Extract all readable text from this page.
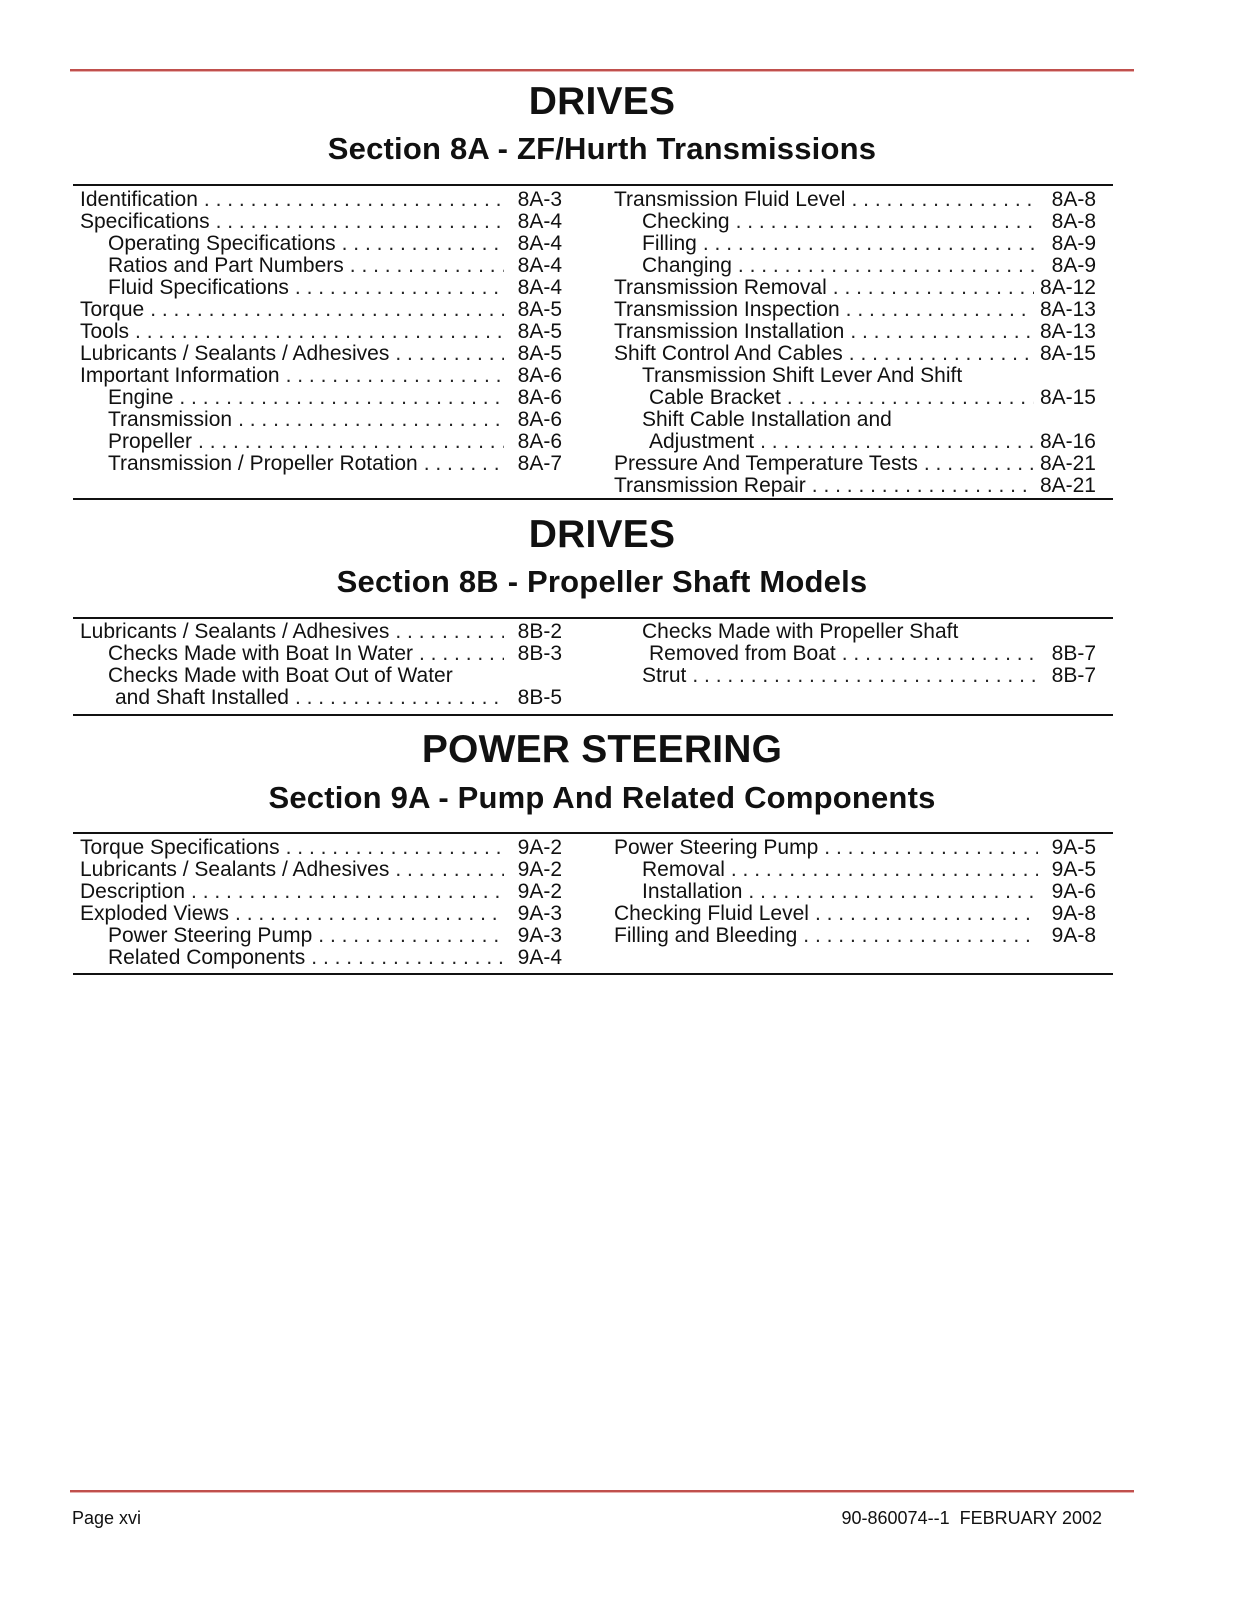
DRIVES
Section 8A - ZF/Hurth Transmissions
Identification . . .	8A-3
Specifications . . .	8A-4
Operating Specifications . . .	8A-4
Ratios and Part Numbers . . .	8A-4
Fluid Specifications . . .	8A-4
Torque . . .	8A-5
Tools . . .	8A-5
Lubricants / Sealants / Adhesives . . .	8A-5
Important Information . . .	8A-6
Engine . . .	8A-6
Transmission . . .	8A-6
Propeller . . .	8A-6
Transmission / Propeller Rotation . . .	8A-7
Transmission Fluid Level . . .	8A-8
Checking . . .	8A-8
Filling . . .	8A-9
Changing . . .	8A-9
Transmission Removal . . .	8A-12
Transmission Inspection . . .	8A-13
Transmission Installation . . .	8A-13
Shift Control And Cables . . .	8A-15
Transmission Shift Lever And Shift
Cable Bracket . . .	8A-15
Shift Cable Installation and
Adjustment . . .	8A-16
Pressure And Temperature Tests . . .	8A-21
Transmission Repair . . .	8A-21
DRIVES
Section 8B - Propeller Shaft Models
Lubricants / Sealants / Adhesives . . .	8B-2
Checks Made with Boat In Water . . .	8B-3
Checks Made with Boat Out of Water
and Shaft Installed . . .	8B-5
Checks Made with Propeller Shaft
Removed from Boat . . .	8B-7
Strut . . .	8B-7
POWER STEERING
Section 9A - Pump And Related Components
Torque Specifications . . .	9A-2
Lubricants / Sealants / Adhesives . . .	9A-2
Description . . .	9A-2
Exploded Views . . .	9A-3
Power Steering Pump . . .	9A-3
Related Components . . .	9A-4
Power Steering Pump . . .	9A-5
Removal . . .	9A-5
Installation . . .	9A-6
Checking Fluid Level . . .	9A-8
Filling and Bleeding . . .	9A-8
Page xvi	90-860074--1  FEBRUARY 2002
